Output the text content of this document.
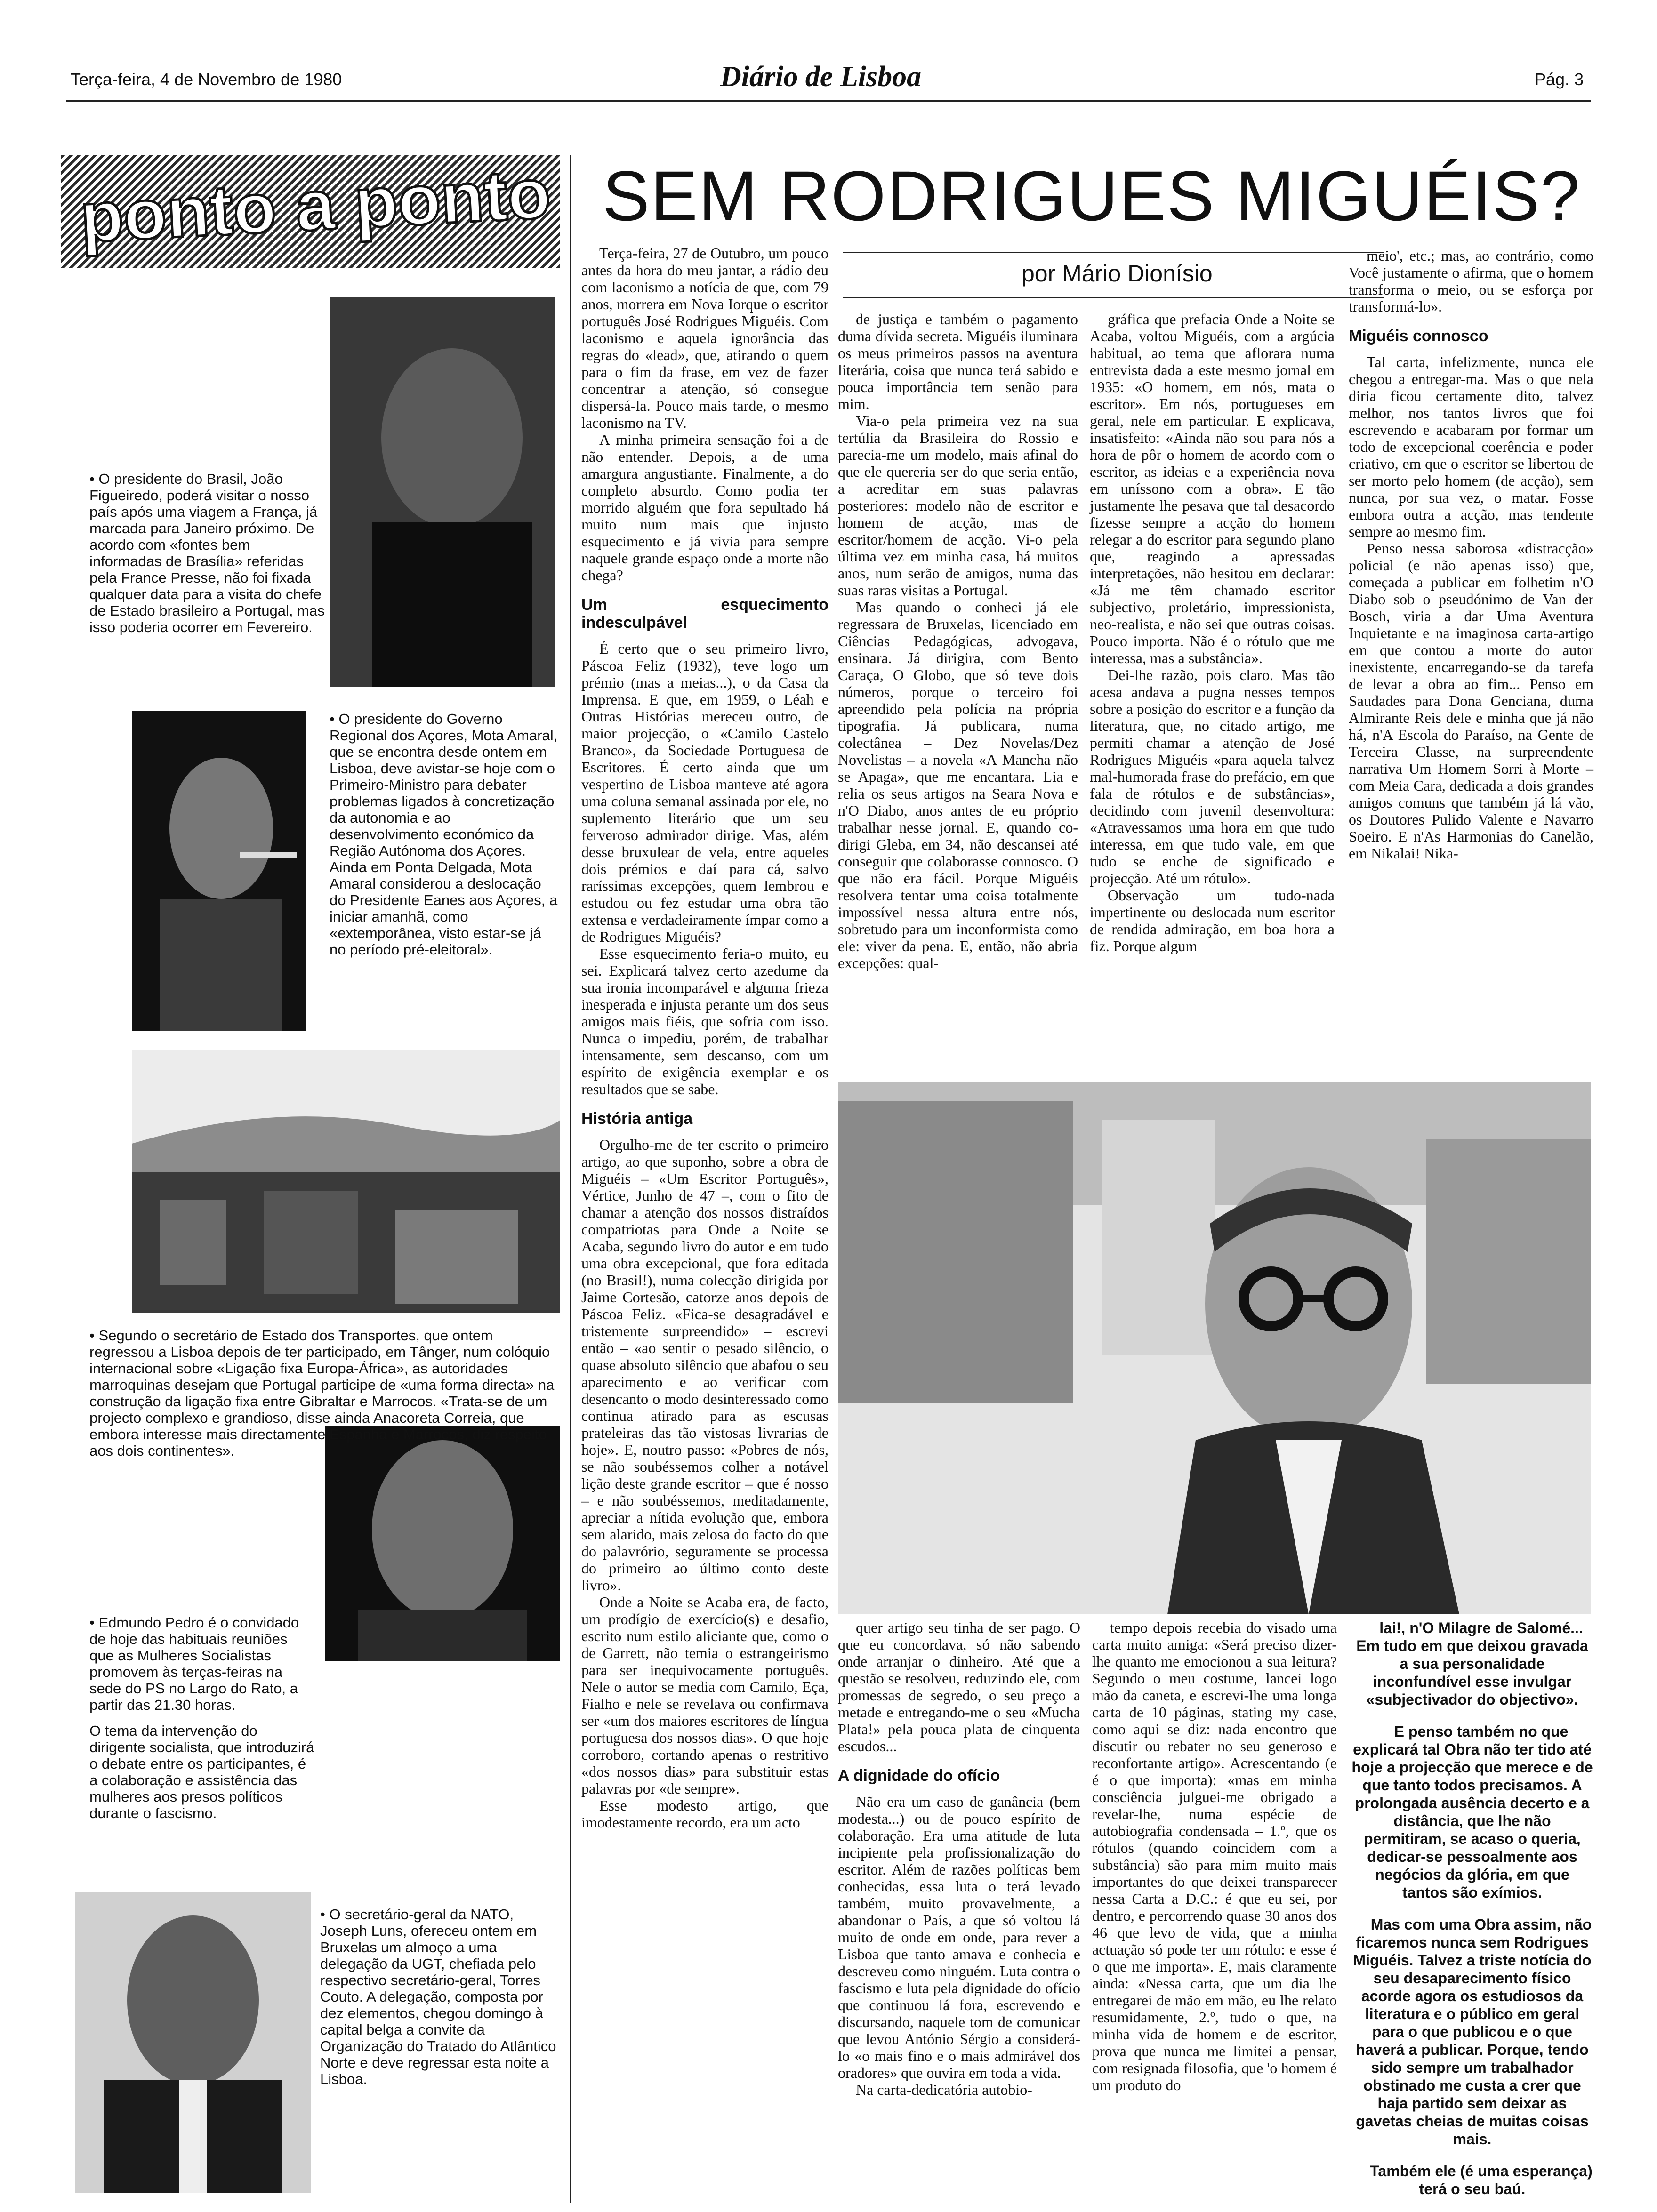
Terça-feira, 4 de Novembro de 1980	Diário de Lisboa	Pág. 3
ponto a ponto
• O presidente do Brasil, João Figueiredo, poderá visitar o nosso país após uma viagem a França, já marcada para Janeiro próximo. De acordo com «fontes bem informadas de Brasília» referidas pela France Presse, não foi fixada qualquer data para a visita do chefe de Estado brasileiro a Portugal, mas isso poderia ocorrer em Fevereiro.
• O presidente do Governo Regional dos Açores, Mota Amaral, que se encontra desde ontem em Lisboa, deve avistar-se hoje com o Primeiro-Ministro para debater problemas ligados à concretização da autonomia e ao desenvolvimento económico da Região Autónoma dos Açores. Ainda em Ponta Delgada, Mota Amaral considerou a deslocação do Presidente Eanes aos Açores, a iniciar amanhã, como «extemporânea, visto estar-se já no período pré-eleitoral».
• Segundo o secretário de Estado dos Transportes, que ontem regressou a Lisboa depois de ter participado, em Tânger, num colóquio internacional sobre «Ligação fixa Europa-África», as autoridades marroquinas desejam que Portugal participe de «uma forma directa» na construção da ligação fixa entre Gibraltar e Marrocos. «Trata-se de um projecto complexo e grandioso, disse ainda Anacoreta Correia, que embora interesse mais directamente Espanha e Marrocos, diz respeito aos dois continentes».
• Edmundo Pedro é o convidado de hoje das habituais reuniões que as Mulheres Socialistas promovem às terças-feiras na sede do PS no Largo do Rato, a partir das 21.30 horas.
O tema da intervenção do dirigente socialista, que introduzirá o debate entre os participantes, é a colaboração e assistência das mulheres aos presos políticos durante o fascismo.
• O secretário-geral da NATO, Joseph Luns, ofereceu ontem em Bruxelas um almoço a uma delegação da UGT, chefiada pelo respectivo secretário-geral, Torres Couto. A delegação, composta por dez elementos, chegou domingo à capital belga a convite da Organização do Tratado do Atlântico Norte e deve regressar esta noite a Lisboa.
SEM RODRIGUES MIGUÉIS?
por Mário Dionísio

Terça-feira, 27 de Outubro, um pouco antes da hora do meu jantar, a rádio deu com laconismo a notícia de que, com 79 anos, morrera em Nova Iorque o escritor português José Rodrigues Miguéis. Com laconismo e aquela ignorância das regras do «lead», que, atirando o quem para o fim da frase, em vez de fazer concentrar a atenção, só consegue dispersá-la. Pouco mais tarde, o mesmo laconismo na TV.

A minha primeira sensação foi a de não entender. Depois, a de uma amargura angustiante. Finalmente, a do completo absurdo. Como podia ter morrido alguém que fora sepultado há muito num mais que injusto esquecimento e já vivia para sempre naquele grande espaço onde a morte não chega?

Um esquecimento indesculpável

É certo que o seu primeiro livro, Páscoa Feliz (1932), teve logo um prémio (mas a meias...), o da Casa da Imprensa. E que, em 1959, o Léah e Outras Histórias mereceu outro, de maior projecção, o «Camilo Castelo Branco», da Sociedade Portuguesa de Escritores. É certo ainda que um vespertino de Lisboa manteve até agora uma coluna semanal assinada por ele, no suplemento literário que um seu ferveroso admirador dirige. Mas, além desse bruxulear de vela, entre aqueles dois prémios e daí para cá, salvo raríssimas excepções, quem lembrou e estudou ou fez estudar uma obra tão extensa e verdadeiramente ímpar como a de Rodrigues Miguéis?

Esse esquecimento feria-o muito, eu sei. Explicará talvez certo azedume da sua ironia incomparável e alguma frieza inesperada e injusta perante um dos seus amigos mais fiéis, que sofria com isso. Nunca o impediu, porém, de trabalhar intensamente, sem descanso, com um espírito de exigência exemplar e os resultados que se sabe.

História antiga

Orgulho-me de ter escrito o primeiro artigo, ao que suponho, sobre a obra de Miguéis – «Um Escritor Português», Vértice, Junho de 47 –, com o fito de chamar a atenção dos nossos distraídos compatriotas para Onde a Noite se Acaba, segundo livro do autor e em tudo uma obra excepcional, que fora editada (no Brasil!), numa colecção dirigida por Jaime Cortesão, catorze anos depois de Páscoa Feliz. «Fica-se desagradável e tristemente surpreendido» – escrevi então – «ao sentir o pesado silêncio, o quase absoluto silêncio que abafou o seu aparecimento e ao verificar com desencanto o modo desinteressado como continua atirado para as escusas prateleiras das tão vistosas livrarias de hoje». E, noutro passo: «Pobres de nós, se não soubéssemos colher a notável lição deste grande escritor – que é nosso – e não soubéssemos, meditadamente, apreciar a nítida evolução que, embora sem alarido, mais zelosa do facto do que do palavrório, seguramente se processa do primeiro ao último conto deste livro».

Onde a Noite se Acaba era, de facto, um prodígio de exercício(s) e desafio, escrito num estilo aliciante que, como o de Garrett, não temia o estrangeirismo para ser inequivocamente português. Nele o autor se media com Camilo, Eça, Fialho e nele se revelava ou confirmava ser «um dos maiores escritores de língua portuguesa dos nossos dias». O que hoje corroboro, cortando apenas o restritivo «dos nossos dias» para substituir estas palavras por «de sempre».

Esse modesto artigo, que imodestamente recordo, era um acto

de justiça e também o pagamento duma dívida secreta. Miguéis iluminara os meus primeiros passos na aventura literária, coisa que nunca terá sabido e pouca importância tem senão para mim.

Via-o pela primeira vez na sua tertúlia da Brasileira do Rossio e parecia-me um modelo, mais afinal do que ele quereria ser do que seria então, a acreditar em suas palavras posteriores: modelo não de escritor e homem de acção, mas de escritor/homem de acção. Vi-o pela última vez em minha casa, há muitos anos, num serão de amigos, numa das suas raras visitas a Portugal.

Mas quando o conheci já ele regressara de Bruxelas, licenciado em Ciências Pedagógicas, advogava, ensinara. Já dirigira, com Bento Caraça, O Globo, que só teve dois números, porque o terceiro foi apreendido pela polícia na própria tipografia. Já publicara, numa colectânea – Dez Novelas/Dez Novelistas – a novela «A Mancha não se Apaga», que me encantara. Lia e relia os seus artigos na Seara Nova e n'O Diabo, anos antes de eu próprio trabalhar nesse jornal. E, quando co-dirigi Gleba, em 34, não descansei até conseguir que colaborasse connosco. O que não era fácil. Porque Miguéis resolvera tentar uma coisa totalmente impossível nessa altura entre nós, sobretudo para um inconformista como ele: viver da pena. E, então, não abria excepções: qual-

gráfica que prefacia Onde a Noite se Acaba, voltou Miguéis, com a argúcia habitual, ao tema que aflorara numa entrevista dada a este mesmo jornal em 1935: «O homem, em nós, mata o escritor». Em nós, portugueses em geral, nele em particular. E explicava, insatisfeito: «Ainda não sou para nós a hora de pôr o homem de acordo com o escritor, as ideias e a experiência nova em uníssono com a obra». E tão justamente lhe pesava que tal desacordo fizesse sempre a acção do homem relegar a do escritor para segundo plano que, reagindo a apressadas interpretações, não hesitou em declarar: «Já me têm chamado escritor subjectivo, proletário, impressionista, neo-realista, e não sei que outras coisas. Pouco importa. Não é o rótulo que me interessa, mas a substância».

Dei-lhe razão, pois claro. Mas tão acesa andava a pugna nesses tempos sobre a posição do escritor e a função da literatura, que, no citado artigo, me permiti chamar a atenção de José Rodrigues Miguéis «para aquela talvez mal-humorada frase do prefácio, em que fala de rótulos e de substâncias», decidindo com juvenil desenvoltura: «Atravessamos uma hora em que tudo interessa, em que tudo vale, em que tudo se enche de significado e projecção. Até um rótulo».

Observação um tudo-nada impertinente ou deslocada num escritor de rendida admiração, em boa hora a fiz. Porque algum

meio', etc.; mas, ao contrário, como Você justamente o afirma, que o homem transforma o meio, ou se esforça por transformá-lo».

Miguéis connosco

Tal carta, infelizmente, nunca ele chegou a entregar-ma. Mas o que nela diria ficou certamente dito, talvez melhor, nos tantos livros que foi escrevendo e acabaram por formar um todo de excepcional coerência e poder criativo, em que o escritor se libertou de ser morto pelo homem (de acção), sem nunca, por sua vez, o matar. Fosse embora outra a acção, mas tendente sempre ao mesmo fim.

Penso nessa saborosa «distracção» policial (e não apenas isso) que, começada a publicar em folhetim n'O Diabo sob o pseudónimo de Van der Bosch, viria a dar Uma Aventura Inquietante e na imaginosa carta-artigo em que contou a morte do autor inexistente, encarregando-se da tarefa de levar a obra ao fim... Penso em Saudades para Dona Genciana, duma Almirante Reis dele e minha que já não há, n'A Escola do Paraíso, na Gente de Terceira Classe, na surpreendente narrativa Um Homem Sorri à Morte – com Meia Cara, dedicada a dois grandes amigos comuns que também já lá vão, os Doutores Pulido Valente e Navarro Soeiro. E n'As Harmonias do Canelão, em Nikalai! Nika-

quer artigo seu tinha de ser pago. O que eu concordava, só não sabendo onde arranjar o dinheiro. Até que a questão se resolveu, reduzindo ele, com promessas de segredo, o seu preço a metade e entregando-me o seu «Mucha Plata!» pela pouca plata de cinquenta escudos...

A dignidade do ofício

Não era um caso de ganância (bem modesta...) ou de pouco espírito de colaboração. Era uma atitude de luta incipiente pela profissionalização do escritor. Além de razões políticas bem conhecidas, essa luta o terá levado também, muito provavelmente, a abandonar o País, a que só voltou lá muito de onde em onde, para rever a Lisboa que tanto amava e conhecia e descreveu como ninguém. Luta contra o fascismo e luta pela dignidade do ofício que continuou lá fora, escrevendo e discursando, naquele tom de comunicar que levou António Sérgio a considerá-lo «o mais fino e o mais admirável dos oradores» que ouvira em toda a vida.

Na carta-dedicatória autobio-

tempo depois recebia do visado uma carta muito amiga: «Será preciso dizer-lhe quanto me emocionou a sua leitura? Segundo o meu costume, lancei logo mão da caneta, e escrevi-lhe uma longa carta de 10 páginas, stating my case, como aqui se diz: nada encontro que discutir ou rebater no seu generoso e reconfortante artigo». Acrescentando (e é o que importa): «mas em minha consciência julguei-me obrigado a revelar-lhe, numa espécie de autobiografia condensada – 1.º, que os rótulos (quando coincidem com a substância) são para mim muito mais importantes do que deixei transparecer nessa Carta a D.C.: é que eu sei, por dentro, e percorrendo quase 30 anos dos 46 que levo de vida, que a minha actuação só pode ter um rótulo: e esse é o que me importa». E, mais claramente ainda: «Nessa carta, que um dia lhe entregarei de mão em mão, eu lhe relato resumidamente, 2.º, tudo o que, na minha vida de homem e de escritor, prova que nunca me limitei a pensar, com resignada filosofia, que 'o homem é um produto do

lai!, n'O Milagre de Salomé... Em tudo em que deixou gravada a sua personalidade inconfundível esse invulgar «subjectivador do objectivo».

E penso também no que explicará tal Obra não ter tido até hoje a projecção que merece e de que tanto todos precisamos. A prolongada ausência decerto e a distância, que lhe não permitiram, se acaso o queria, dedicar-se pessoalmente aos negócios da glória, em que tantos são exímios.

Mas com uma Obra assim, não ficaremos nunca sem Rodrigues Miguéis. Talvez a triste notícia do seu desaparecimento físico acorde agora os estudiosos da literatura e o público em geral para o que publicou e o que haverá a publicar. Porque, tendo sido sempre um trabalhador obstinado me custa a crer que haja partido sem deixar as gavetas cheias de muitas coisas mais.

Também ele (é uma esperança) terá o seu baú.
